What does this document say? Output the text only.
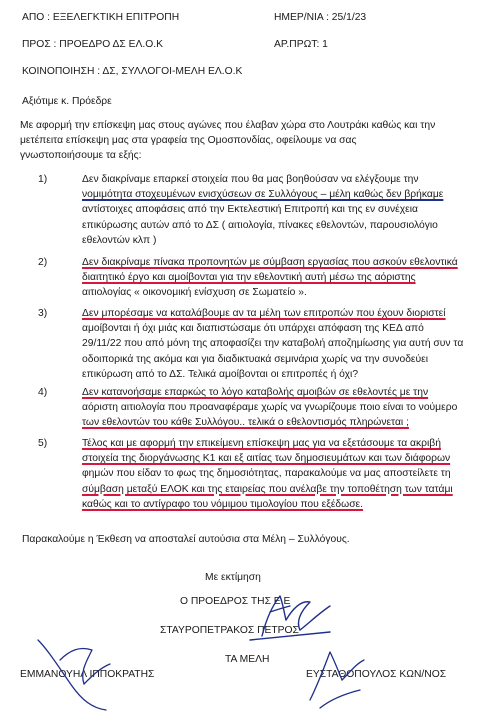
ΑΠΟ : ΕΞΕΛΕΓΚΤΙΚΗ ΕΠΙΤΡΟΠΗ	ΗΜΕΡ/ΝΙΑ : 25/1/23
ΠΡΟΣ : ΠΡΟΕΔΡΟ ΔΣ ΕΛ.Ο.Κ	ΑΡ.ΠΡΩΤ: 1
ΚΟΙΝΟΠΟΙΗΣΗ : ΔΣ, ΣΥΛΛΟΓΟΙ-ΜΕΛΗ ΕΛ.Ο.Κ
Αξιότιμε κ. Πρόεδρε
Με αφορμή την επίσκεψη μας στους αγώνες που έλαβαν χώρα στο Λουτράκι καθώς και την
μετέπειτα επίσκεψη μας στα γραφεία της Ομοσπονδίας, οφείλουμε να σας
γνωστοποιήσουμε τα εξής:
1)	Δεν διακρίναμε επαρκεί στοιχεία που θα μας βοηθούσαν να ελέγξουμε την
νομιμότητα στοχευμένων ενισχύσεων σε Συλλόγους – μέλη καθώς δεν βρήκαμε
αντίστοιχες αποφάσεις από την Εκτελεστική Επιτροπή και της εν συνέχεια
επικύρωσης αυτών από το ΔΣ ( αιτιολογία, πίνακες εθελοντών, παρουσιολόγιο
εθελοντών κλπ )
2)	Δεν διακρίναμε πίνακα προπονητών με σύμβαση εργασίας που ασκούν εθελοντικά
διαιτητικό έργο και αμοίβονται για την εθελοντική αυτή μέσω της αόριστης
αιτιολογίας « οικονομική ενίσχυση σε Σωματείο ».
3)	Δεν μπορέσαμε να καταλάβουμε αν τα μέλη των επιτροπών που έχουν διοριστεί
αμοίβονται ή όχι μιάς και διαπιστώσαμε ότι υπάρχει απόφαση της ΚΕΔ από
29/11/22 που από μόνη της αποφασίζει την καταβολή αποζημίωσης για αυτή συν τα
οδοιπορικά της ακόμα και για διαδικτυακά σεμινάρια χωρίς να την συνοδεύει
επικύρωση από το ΔΣ. Τελικά αμοίβονται οι επιτροπές ή όχι?
4)	Δεν κατανοήσαμε επαρκώς το λόγο καταβολής αμοιβών σε εθελοντές με την
αόριστη αιτιολογία που προαναφέραμε χωρίς να γνωρίζουμε ποιο είναι το νούμερο
των εθελοντών του κάθε Συλλόγου.. τελικά ο εθελοντισμός πληρώνεται ;
5)	Τέλος και με αφορμή την επικείμενη επίσκεψη μας για να εξετάσουμε τα ακριβή
στοιχεία της διοργάνωσης Κ1 και εξ αιτίας των δημοσιευμάτων και των διάφορων
φημών που είδαν το φως της δημοσιότητας, παρακαλούμε να μας αποστείλετε τη
σύμβαση μεταξύ ΕΛΟΚ και της εταιρείας που ανέλαβε την τοποθέτηση των τατάμι
καθώς και το αντίγραφο του νόμιμου τιμολογίου που εξέδωσε.
Παρακαλούμε η Έκθεση να αποσταλεί αυτούσια στα Μέλη – Συλλόγους.
Με εκτίμηση
Ο ΠΡΟΕΔΡΟΣ ΤΗΣ Ε.Ε
ΣΤΑΥΡΟΠΕΤΡΑΚΟΣ ΠΕΤΡΟΣ
ΤΑ ΜΕΛΗ
ΕΜΜΑΝΟΥΗΛ ΙΠΠΟΚΡΑΤΗΣ	ΕΥΣΤΑΘΟΠΟΥΛΟΣ ΚΩΝ/ΝΟΣ
